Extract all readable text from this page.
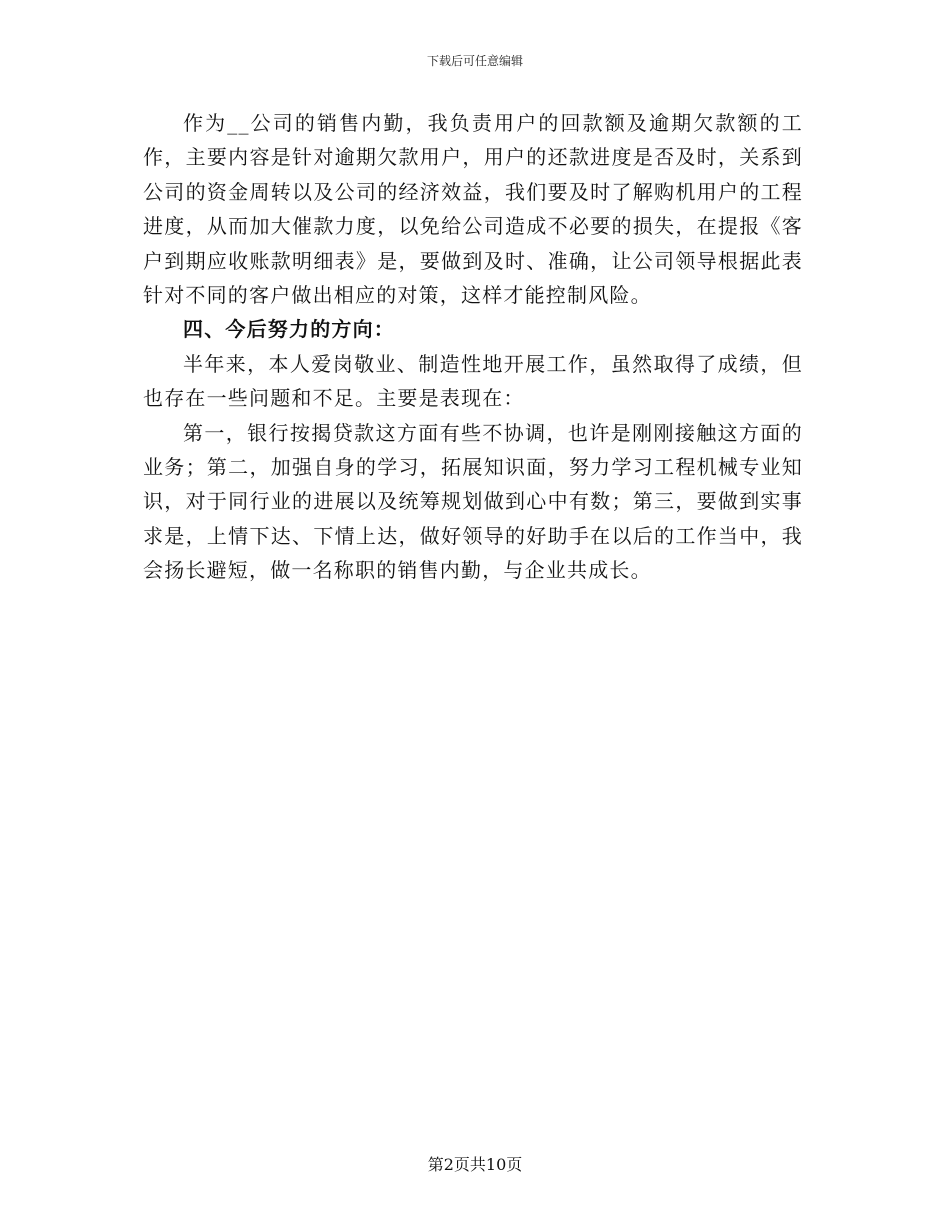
下载后可任意编辑

作为__公司的销售内勤，我负责用户的回款额及逾期欠款额的工作，主要内容是针对逾期欠款用户，用户的还款进度是否及时，关系到公司的资金周转以及公司的经济效益，我们要及时了解购机用户的工程进度，从而加大催款力度，以免给公司造成不必要的损失，在提报《客户到期应收账款明细表》是，要做到及时、准确，让公司领导根据此表针对不同的客户做出相应的对策，这样才能控制风险。

四、今后努力的方向：

半年来，本人爱岗敬业、制造性地开展工作，虽然取得了成绩，但也存在一些问题和不足。主要是表现在：

第一，银行按揭贷款这方面有些不协调，也许是刚刚接触这方面的业务；第二，加强自身的学习，拓展知识面，努力学习工程机械专业知识，对于同行业的进展以及统筹规划做到心中有数；第三，要做到实事求是，上情下达、下情上达，做好领导的好助手在以后的工作当中，我会扬长避短，做一名称职的销售内勤，与企业共成长。

第2页共10页
